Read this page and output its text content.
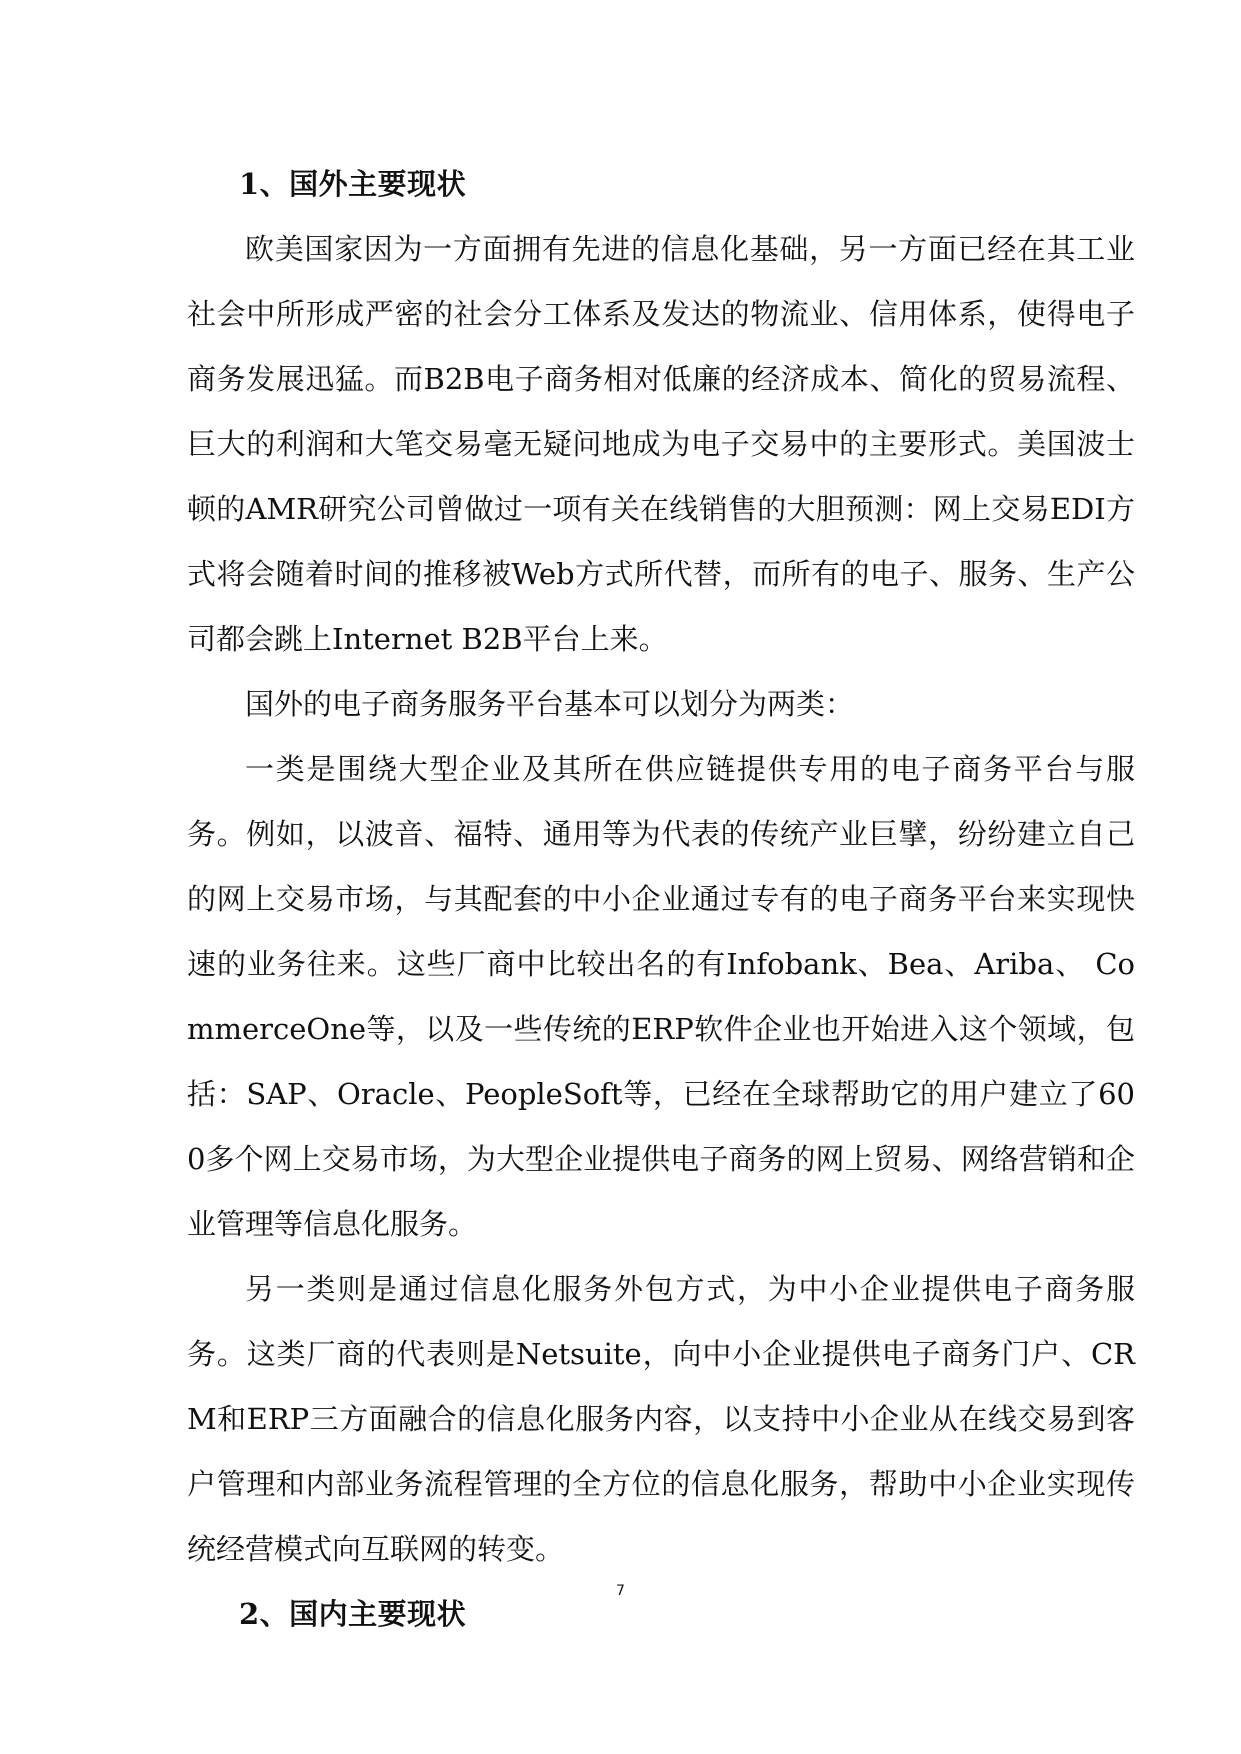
1、国外主要现状

欧美国家因为一方面拥有先进的信息化基础，另一方面已经在其工业社会中所形成严密的社会分工体系及发达的物流业、信用体系，使得电子商务发展迅猛。而B2B电子商务相对低廉的经济成本、简化的贸易流程、巨大的利润和大笔交易毫无疑问地成为电子交易中的主要形式。美国波士顿的AMR研究公司曾做过一项有关在线销售的大胆预测：网上交易EDI方式将会随着时间的推移被Web方式所代替，而所有的电子、服务、生产公司都会跳上Internet B2B平台上来。

国外的电子商务服务平台基本可以划分为两类：

一类是围绕大型企业及其所在供应链提供专用的电子商务平台与服务。例如，以波音、福特、通用等为代表的传统产业巨擘，纷纷建立自己的网上交易市场，与其配套的中小企业通过专有的电子商务平台来实现快速的业务往来。这些厂商中比较出名的有Infobank、Bea、Ariba、 CommerceOne等，以及一些传统的ERP软件企业也开始进入这个领域，包括：SAP、Oracle、PeopleSoft等，已经在全球帮助它的用户建立了600多个网上交易市场，为大型企业提供电子商务的网上贸易、网络营销和企业管理等信息化服务。

另一类则是通过信息化服务外包方式，为中小企业提供电子商务服务。这类厂商的代表则是Netsuite，向中小企业提供电子商务门户、CRM和ERP三方面融合的信息化服务内容，以支持中小企业从在线交易到客户管理和内部业务流程管理的全方位的信息化服务，帮助中小企业实现传统经营模式向互联网的转变。

2、国内主要现状
7
